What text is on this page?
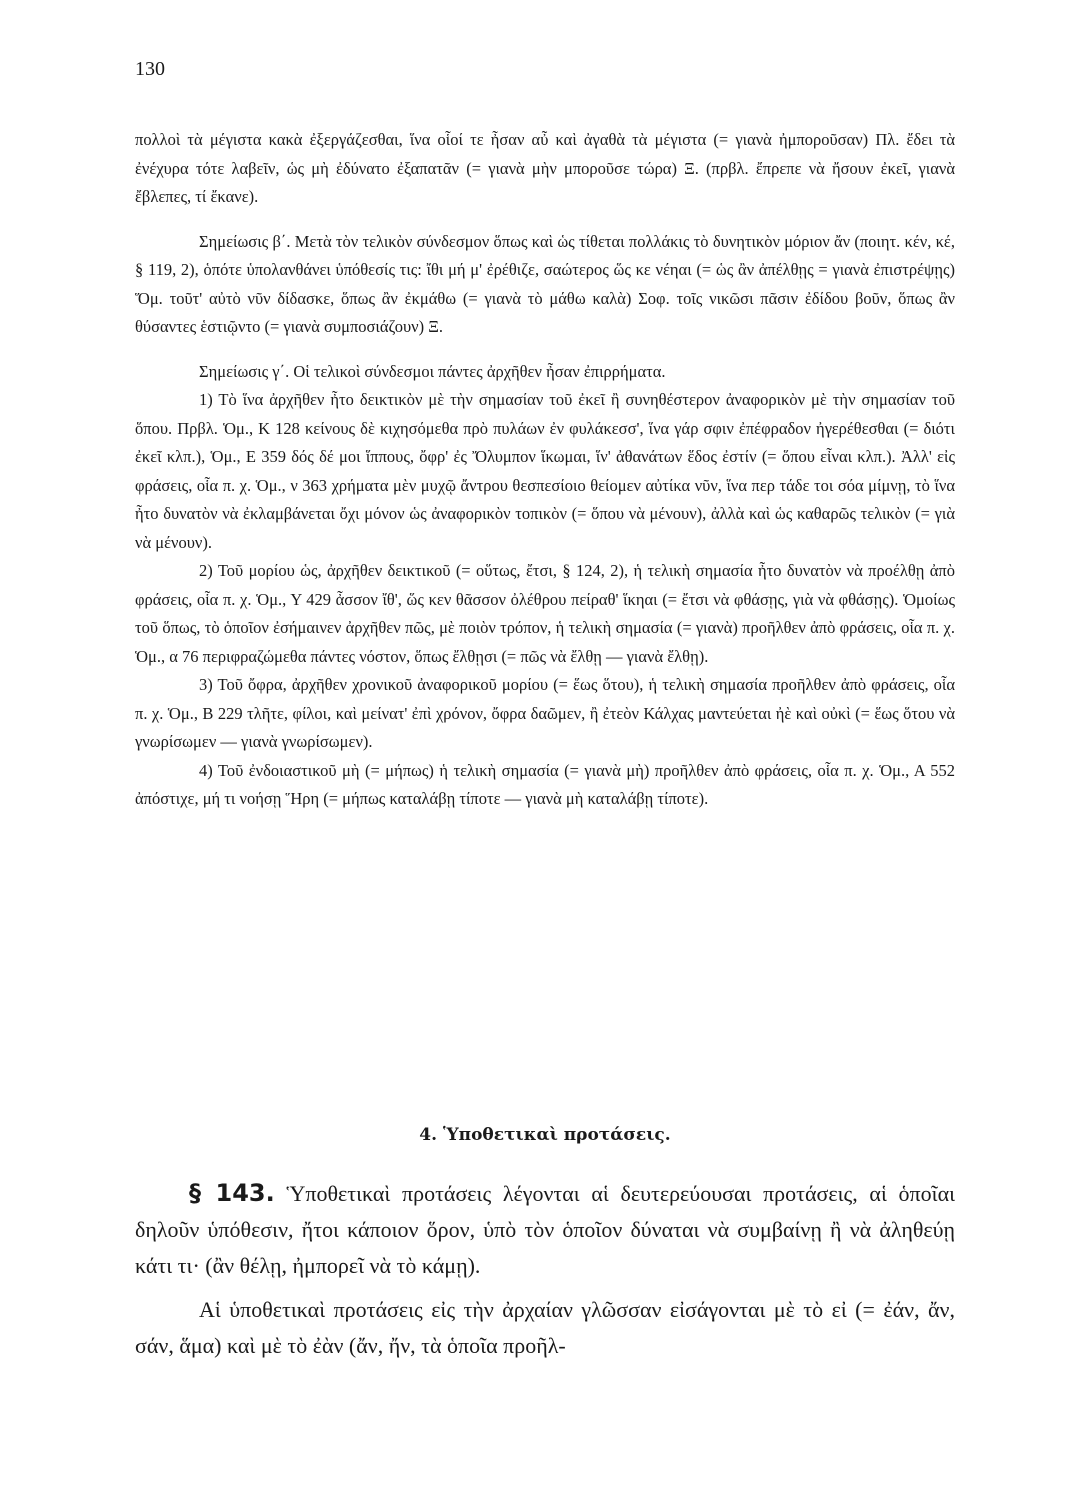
130

πολλοὶ τὰ μέγιστα κακὰ ἐξεργάζεσθαι, ἵνα οἷοί τε ἦσαν αὖ καὶ ἀγαθὰ τὰ μέγιστα (= γιανὰ ἠμποροῦσαν) Πλ. ἔδει τὰ ἐνέχυρα τότε λαβεῖν, ὡς μὴ ἐδύνατο ἐξαπατᾶν (= γιανὰ μὴν μποροῦσε τώρα) Ξ. (πρβλ. ἔπρεπε νὰ ἤσουν ἐκεῖ, γιανὰ ἔβλεπες, τί ἔκανε).

Σημείωσις β΄. Μετὰ τὸν τελικὸν σύνδεσμον ὅπως καὶ ὡς τίθεται πολλάκις τὸ δυνητικὸν μόριον ἄν (ποιητ. κέν, κέ, § 119, 2), ὁπότε ὑπολανθάνει ὑπόθεσίς τις: ἴθι μή μ' ἐρέθιζε, σαώτερος ὥς κε νέηαι (= ὡς ἂν ἀπέλθῃς = γιανὰ ἐπιστρέψῃς) Ὅμ. τοῦτ' αὐτὸ νῦν δίδασκε, ὅπως ἂν ἐκμάθω (= γιανὰ τὸ μάθω καλὰ) Σοφ. τοῖς νικῶσι πᾶσιν ἐδίδου βοῦν, ὅπως ἂν θύσαντες ἑστιῷντο (= γιανὰ συμποσιάζουν) Ξ.

Σημείωσις γ΄. Οἱ τελικοὶ σύνδεσμοι πάντες ἀρχῆθεν ἦσαν ἐπιρρήματα.

1) Τὸ ἵνα ἀρχῆθεν ἦτο δεικτικὸν μὲ τὴν σημασίαν τοῦ ἐκεῖ ἢ συνηθέστερον ἀναφορικὸν μὲ τὴν σημασίαν τοῦ ὅπου. Πρβλ. Ὁμ., Κ 128 κείνους δὲ κιχησόμεθα πρὸ πυλάων ἐν φυλάκεσσ', ἵνα γάρ σφιν ἐπέφραδον ἠγερέθεσθαι (= διότι ἐκεῖ κλπ.), Ὁμ., Ε 359 δός δέ μοι ἵππους, ὄφρ' ἐς Ὄλυμπον ἵκωμαι, ἵν' ἀθανάτων ἕδος ἐστίν (= ὅπου εἶναι κλπ.). Ἀλλ' εἰς φράσεις, οἷα π. χ. Ὁμ., ν 363 χρήματα μὲν μυχῷ ἄντρου θεσπεσίοιο θείομεν αὐτίκα νῦν, ἵνα περ τάδε τοι σόα μίμνῃ, τὸ ἵνα ἦτο δυνατὸν νὰ ἐκλαμβάνεται ὄχι μόνον ὡς ἀναφορικὸν τοπικὸν (= ὅπου νὰ μένουν), ἀλλὰ καὶ ὡς καθαρῶς τελικὸν (= γιὰ νὰ μένουν).

2) Τοῦ μορίου ὡς, ἀρχῆθεν δεικτικοῦ (= οὕτως, ἔτσι, § 124, 2), ἡ τελικὴ σημασία ἦτο δυνατὸν νὰ προέλθῃ ἀπὸ φράσεις, οἷα π. χ. Ὁμ., Υ 429 ἆσσον ἴθ', ὥς κεν θᾶσσον ὀλέθρου πείραθ' ἵκηαι (= ἔτσι νὰ φθάσῃς, γιὰ νὰ φθάσῃς). Ὁμοίως τοῦ ὅπως, τὸ ὁποῖον ἐσήμαινεν ἀρχῆθεν πῶς, μὲ ποιὸν τρόπον, ἡ τελικὴ σημασία (= γιανὰ) προῆλθεν ἀπὸ φράσεις, οἷα π. χ. Ὁμ., α 76 περιφραζώμεθα πάντες νόστον, ὅπως ἔλθῃσι (= πῶς νὰ ἔλθῃ — γιανὰ ἔλθῃ).

3) Τοῦ ὄφρα, ἀρχῆθεν χρονικοῦ ἀναφορικοῦ μορίου (= ἕως ὅτου), ἡ τελικὴ σημασία προῆλθεν ἀπὸ φράσεις, οἷα π. χ. Ὁμ., Β 229 τλῆτε, φίλοι, καὶ μείνατ' ἐπὶ χρόνον, ὄφρα δαῶμεν, ἢ ἐτεὸν Κάλχας μαντεύεται ἠὲ καὶ οὐκὶ (= ἕως ὅτου νὰ γνωρίσωμεν — γιανὰ γνωρίσωμεν).

4) Τοῦ ἐνδοιαστικοῦ μὴ (= μήπως) ἡ τελικὴ σημασία (= γιανὰ μὴ) προῆλθεν ἀπὸ φράσεις, οἷα π. χ. Ὁμ., Α 552 ἀπόστιχε, μή τι νοήσῃ Ἥρη (= μήπως καταλάβῃ τίποτε — γιανὰ μὴ καταλάβῃ τίποτε).

4. Ὑποθετικαὶ προτάσεις.

§ 143. Ὑποθετικαὶ προτάσεις λέγονται αἱ δευτερεύουσαι προτάσεις, αἱ ὁποῖαι δηλοῦν ὑπόθεσιν, ἤτοι κάποιον ὅρον, ὑπὸ τὸν ὁποῖον δύναται νὰ συμβαίνῃ ἢ νὰ ἀληθεύῃ κάτι τι· (ἂν θέλῃ, ἠμπορεῖ νὰ τὸ κάμῃ).

Αἱ ὑποθετικαὶ προτάσεις εἰς τὴν ἀρχαίαν γλῶσσαν εἰσάγονται μὲ τὸ εἰ (= ἐάν, ἄν, σάν, ἅμα) καὶ μὲ τὸ ἐὰν (ἄν, ἤν, τὰ ὁποῖα προῆλ-
